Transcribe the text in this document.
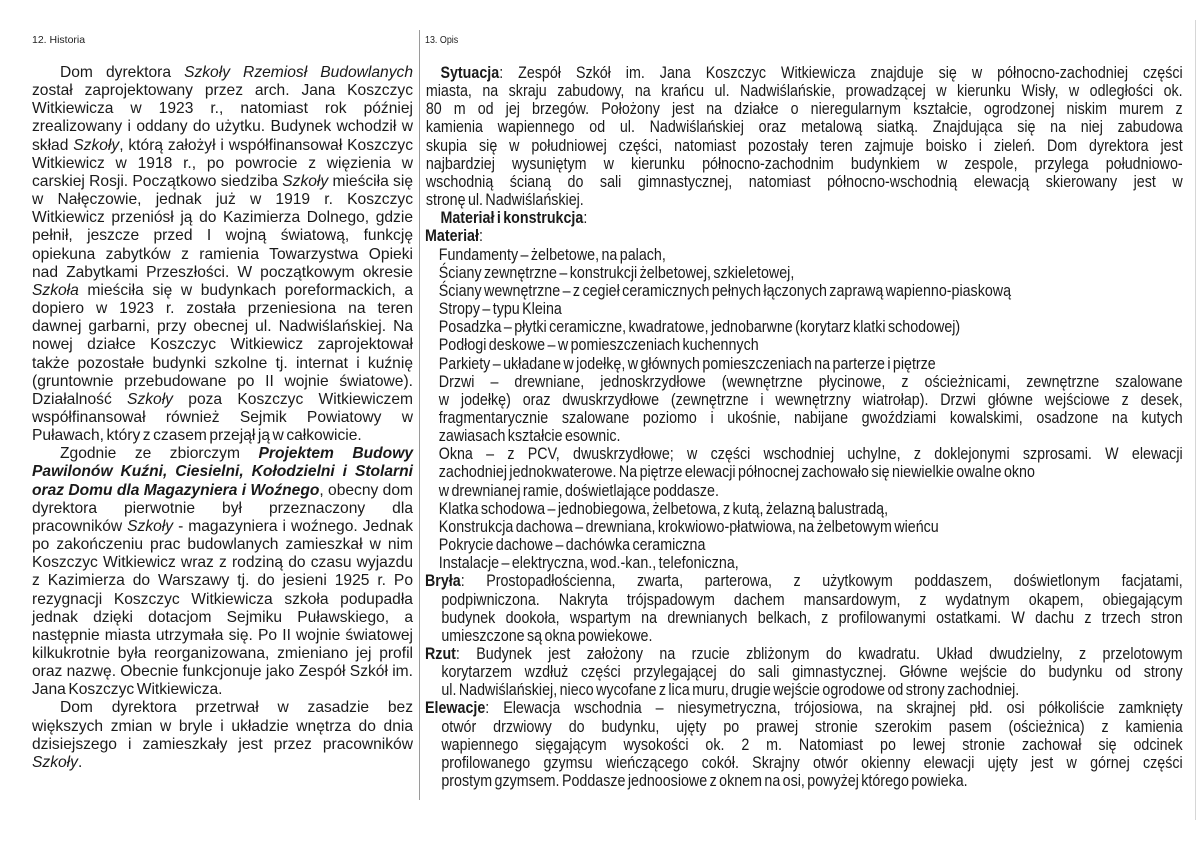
12. Historia	13. Opis
Dom dyrektora Szkoły Rzemiosł Budowlanych
został zaprojektowany przez arch. Jana Koszczyc
Witkiewicza w 1923 r., natomiast rok później
zrealizowany i oddany do użytku. Budynek wchodził w
skład Szkoły, którą założył i współfinansował Koszczyc
Witkiewicz w 1918 r., po powrocie z więzienia w
carskiej Rosji. Początkowo siedziba Szkoły mieściła się
w Nałęczowie, jednak już w 1919 r. Koszczyc
Witkiewicz przeniósł ją do Kazimierza Dolnego, gdzie
pełnił, jeszcze przed I wojną światową, funkcję
opiekuna zabytków z ramienia Towarzystwa Opieki
nad Zabytkami Przeszłości. W początkowym okresie
Szkoła mieściła się w budynkach poreformackich, a
dopiero w 1923 r. została przeniesiona na teren
dawnej garbarni, przy obecnej ul. Nadwiślańskiej. Na
nowej działce Koszczyc Witkiewicz zaprojektował
także pozostałe budynki szkolne tj. internat i kuźnię
(gruntownie przebudowane po II wojnie światowe).
Działalność Szkoły poza Koszczyc Witkiewiczem
współfinansował również Sejmik Powiatowy w
Puławach, który z czasem przejął ją w całkowicie.
Zgodnie ze zbiorczym Projektem Budowy
Pawilonów Kuźni, Ciesielni, Kołodzielni i Stolarni
oraz Domu dla Magazyniera i Woźnego, obecny dom
dyrektora pierwotnie był przeznaczony dla
pracowników Szkoły - magazyniera i woźnego. Jednak
po zakończeniu prac budowlanych zamieszkał w nim
Koszczyc Witkiewicz wraz z rodziną do czasu wyjazdu
z Kazimierza do Warszawy tj. do jesieni 1925 r. Po
rezygnacji Koszczyc Witkiewicza szkoła podupadła
jednak dzięki dotacjom Sejmiku Puławskiego, a
następnie miasta utrzymała się. Po II wojnie światowej
kilkukrotnie była reorganizowana, zmieniano jej profil
oraz nazwę. Obecnie funkcjonuje jako Zespół Szkół im.
Jana Koszczyc Witkiewicza.
Dom dyrektora przetrwał w zasadzie bez
większych zmian w bryle i układzie wnętrza do dnia
dzisiejszego i zamieszkały jest przez pracowników
Szkoły.
Sytuacja: Zespół Szkół im. Jana Koszczyc Witkiewicza znajduje się w północno-zachodniej części
miasta, na skraju zabudowy, na krańcu ul. Nadwiślańskie, prowadzącej w kierunku Wisły, w odległości ok.
80 m od jej brzegów. Położony jest na działce o nieregularnym kształcie, ogrodzonej niskim murem z
kamienia wapiennego od ul. Nadwiślańskiej oraz metalową siatką. Znajdująca się na niej zabudowa
skupia się w południowej części, natomiast pozostały teren zajmuje boisko i zieleń. Dom dyrektora jest
najbardziej wysuniętym w kierunku północno-zachodnim budynkiem w zespole, przylega południowo-
wschodnią ścianą do sali gimnastycznej, natomiast północno-wschodnią elewacją skierowany jest w
stronę ul. Nadwiślańskiej.
Materiał i konstrukcja:
Materiał:
Fundamenty – żelbetowe, na palach,
Ściany zewnętrzne – konstrukcji żelbetowej, szkieletowej,
Ściany wewnętrzne – z cegieł ceramicznych pełnych łączonych zaprawą wapienno-piaskową
Stropy – typu Kleina
Posadzka – płytki ceramiczne, kwadratowe, jednobarwne (korytarz klatki schodowej)
Podłogi deskowe – w pomieszczeniach kuchennych
Parkiety – układane w jodełkę, w głównych pomieszczeniach na parterze i piętrze
Drzwi – drewniane, jednoskrzydłowe (wewnętrzne płycinowe, z ościeżnicami, zewnętrzne szalowane
w jodełkę) oraz dwuskrzydłowe (zewnętrzne i wewnętrzny wiatrołap). Drzwi główne wejściowe z desek,
fragmentarycznie szalowane poziomo i ukośnie, nabijane gwoździami kowalskimi, osadzone na kutych
zawiasach kształcie esownic.
Okna – z PCV, dwuskrzydłowe; w części wschodniej uchylne, z doklejonymi szprosami. W elewacji
zachodniej jednokwaterowe. Na piętrze elewacji północnej zachowało się niewielkie owalne okno
w drewnianej ramie, doświetlające poddasze.
Klatka schodowa – jednobiegowa, żelbetowa, z kutą, żelazną balustradą,
Konstrukcja dachowa – drewniana, krokwiowo-płatwiowa, na żelbetowym wieńcu
Pokrycie dachowe – dachówka ceramiczna
Instalacje – elektryczna, wod.-kan., telefoniczna,
Bryła: Prostopadłościenna, zwarta, parterowa, z użytkowym poddaszem, doświetlonym facjatami,
podpiwniczona. Nakryta trójspadowym dachem mansardowym, z wydatnym okapem, obiegającym
budynek dookoła, wspartym na drewnianych belkach, z profilowanymi ostatkami. W dachu z trzech stron
umieszczone są okna powiekowe.
Rzut: Budynek jest założony na rzucie zbliżonym do kwadratu. Układ dwudzielny, z przelotowym
korytarzem wzdłuż części przylegającej do sali gimnastycznej. Główne wejście do budynku od strony
ul. Nadwiślańskiej, nieco wycofane z lica muru, drugie wejście ogrodowe od strony zachodniej.
Elewacje: Elewacja wschodnia – niesymetryczna, trójosiowa, na skrajnej płd. osi półkoliście zamknięty
otwór drzwiowy do budynku, ujęty po prawej stronie szerokim pasem (ościeżnica) z kamienia
wapiennego sięgającym wysokości ok. 2 m. Natomiast po lewej stronie zachował się odcinek
profilowanego gzymsu wieńczącego cokół. Skrajny otwór okienny elewacji ujęty jest w górnej części
prostym gzymsem. Poddasze jednoosiowe z oknem na osi, powyżej którego powieka.
